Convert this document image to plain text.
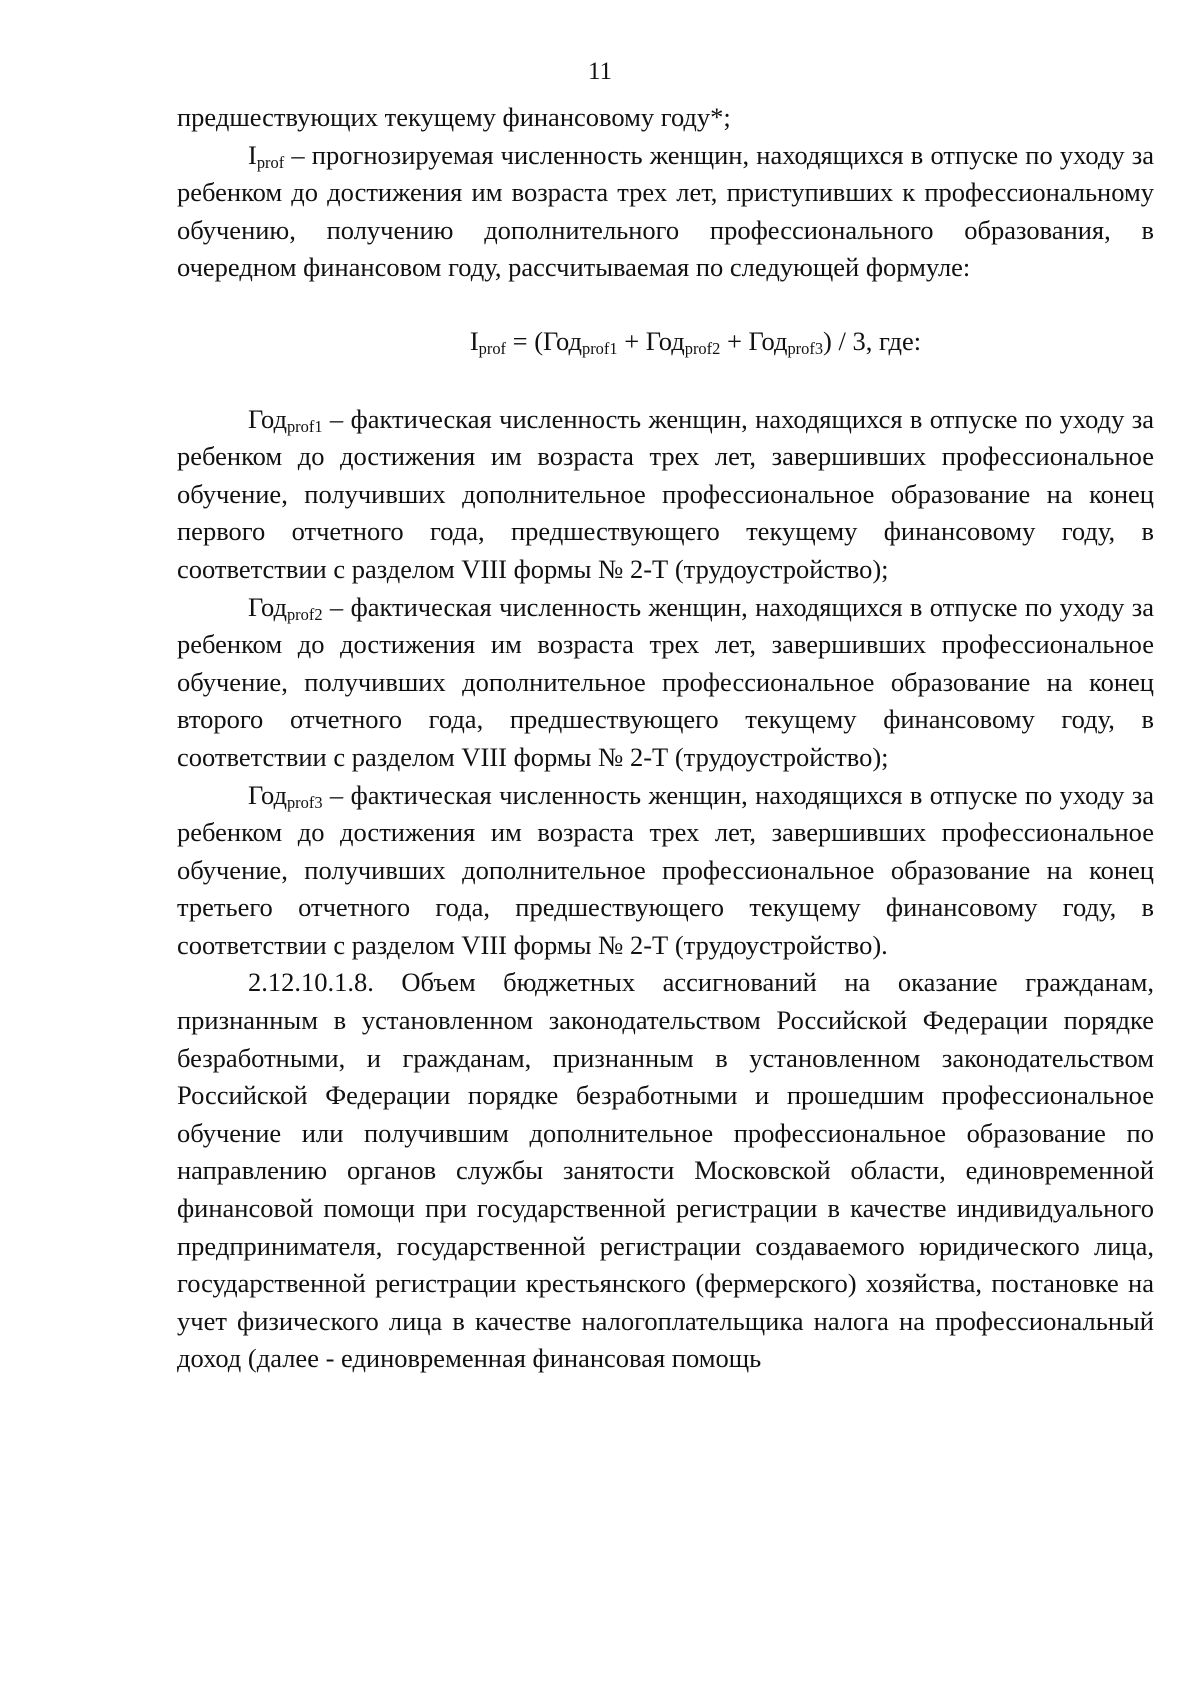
11

предшествующих текущему финансовому году*;

$I_{prof}$ – прогнозируемая численность женщин, находящихся в отпуске по уходу за ребенком до достижения им возраста трех лет, приступивших к профессиональному обучению, получению дополнительного профессионального образования, в очередном финансовом году, рассчитываемая по следующей формуле:

$I_{prof} = (Год_{prof1} + Год_{prof2} + Год_{prof3}) / 3$, где:

Год$_{prof1}$ – фактическая численность женщин, находящихся в отпуске по уходу за ребенком до достижения им возраста трех лет, завершивших профессиональное обучение, получивших дополнительное профессиональное образование на конец первого отчетного года, предшествующего текущему финансовому году, в соответствии с разделом VIII формы № 2-Т (трудоустройство);

Год$_{prof2}$ – фактическая численность женщин, находящихся в отпуске по уходу за ребенком до достижения им возраста трех лет, завершивших профессиональное обучение, получивших дополнительное профессиональное образование на конец второго отчетного года, предшествующего текущему финансовому году, в соответствии с разделом VIII формы № 2-Т (трудоустройство);

Год$_{prof3}$ – фактическая численность женщин, находящихся в отпуске по уходу за ребенком до достижения им возраста трех лет, завершивших профессиональное обучение, получивших дополнительное профессиональное образование на конец третьего отчетного года, предшествующего текущему финансовому году, в соответствии с разделом VIII формы № 2-Т (трудоустройство).

2.12.10.1.8. Объем бюджетных ассигнований на оказание гражданам, признанным в установленном законодательством Российской Федерации порядке безработными, и гражданам, признанным в установленном законодательством Российской Федерации порядке безработными и прошедшим профессиональное обучение или получившим дополнительное профессиональное образование по направлению органов службы занятости Московской области, единовременной финансовой помощи при государственной регистрации в качестве индивидуального предпринимателя, государственной регистрации создаваемого юридического лица, государственной регистрации крестьянского (фермерского) хозяйства, постановке на учет физического лица в качестве налогоплательщика налога на профессиональный доход (далее - единовременная финансовая помощь
